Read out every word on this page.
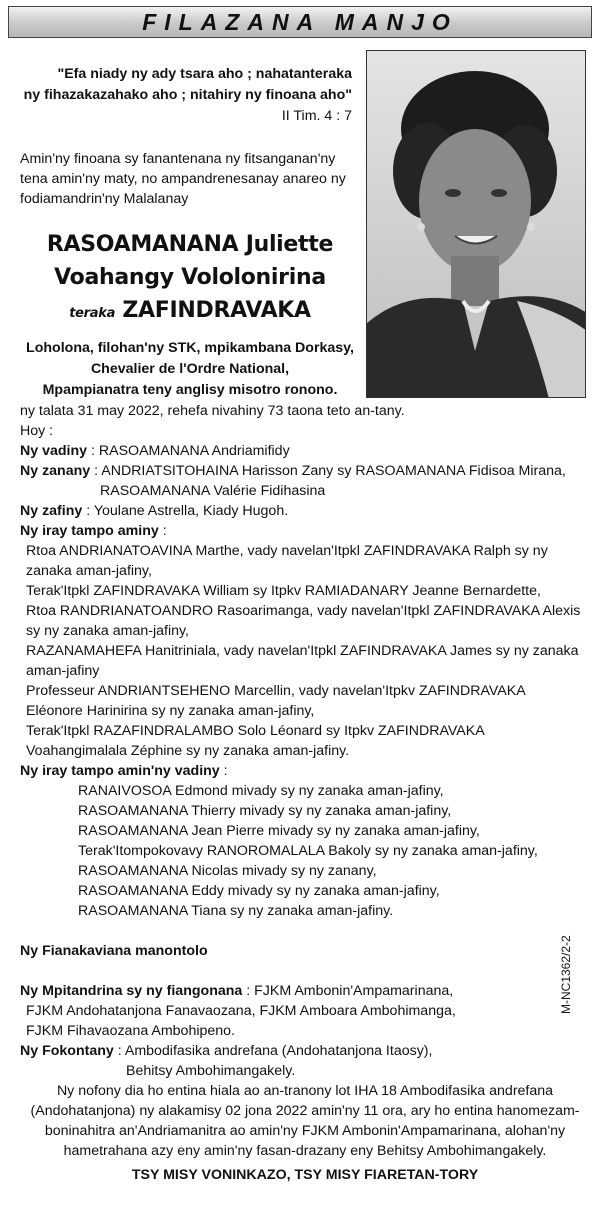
FILAZANA MANJO
"Efa niady ny ady tsara aho ; nahatanteraka
ny fihazakazahako aho ; nitahiry ny finoana aho"
II Tim. 4 : 7
Amin'ny finoana sy fanantenana ny fitsanganan'ny
tena amin'ny maty, no ampandrenesanay anareo ny
fodiamandrin'ny Malalanay
RASOAMANANA Juliette
Voahangy Vololonirina
teraka ZAFINDRAVAKA
Loholona, filohan'ny STK, mpikambana Dorkasy,
Chevalier de l'Ordre National,
Mpampianatra teny anglisy misotro ronono.
ny talata 31 may 2022, rehefa nivahiny 73 taona teto an-tany.
Hoy :
Ny vadiny : RASOAMANANA Andriamifidy
Ny zanany : ANDRIATSITOHAINA Harisson Zany sy RASOAMANANA Fidisoa Mirana,
RASOAMANANA Valérie Fidihasina
Ny zafiny : Youlane Astrella, Kiady Hugoh.
Ny iray tampo aminy :
Rtoa ANDRIANATOAVINA Marthe, vady navelan'Itpkl ZAFINDRAVAKA Ralph sy ny
zanaka aman-jafiny,
Terak'Itpkl ZAFINDRAVAKA William sy Itpkv RAMIADANARY Jeanne Bernardette,
Rtoa RANDRIANATOANDRO Rasoarimanga, vady navelan'Itpkl ZAFINDRAVAKA Alexis
sy ny zanaka aman-jafiny,
RAZANAMAHEFA Hanitriniala, vady navelan'Itpkl ZAFINDRAVAKA James sy ny zanaka
aman-jafiny
Professeur ANDRIANTSEHENO Marcellin, vady navelan'Itpkv ZAFINDRAVAKA
Eléonore Harinirina sy ny zanaka aman-jafiny,
Terak'Itpkl RAZAFINDRALAMBO Solo Léonard sy Itpkv ZAFINDRAVAKA
Voahangimalala Zéphine sy ny zanaka aman-jafiny.
Ny iray tampo amin'ny vadiny :
RANAIVOSOA Edmond mivady sy ny zanaka aman-jafiny,
RASOAMANANA Thierry mivady sy ny zanaka aman-jafiny,
RASOAMANANA Jean Pierre mivady sy ny zanaka aman-jafiny,
Terak'Itompokovavy RANOROMALALA Bakoly sy ny zanaka aman-jafiny,
RASOAMANANA Nicolas mivady sy ny zanany,
RASOAMANANA Eddy mivady sy ny zanaka aman-jafiny,
RASOAMANANA Tiana sy ny zanaka aman-jafiny.
Ny Fianakaviana manontolo
Ny Mpitandrina sy ny fiangonana : FJKM Ambonin'Ampamarinana,
FJKM Andohatanjona Fanavaozana, FJKM Amboara Ambohimanga,
FJKM Fihavaozana Ambohipeno.
Ny Fokontany : Ambodifasika andrefana (Andohatanjona Itaosy),
Behitsy Ambohimangakely.
Ny nofony dia ho entina hiala ao an-tranony lot IHA 18 Ambodifasika andrefana
(Andohatanjona) ny alakamisy 02 jona 2022 amin'ny 11 ora, ary ho entina hanomezam-
boninahitra an'Andriamanitra ao amin'ny FJKM Ambonin'Ampamarinana, alohan'ny
hametrahana azy eny amin'ny fasan-drazany eny Behitsy Ambohimangakely.
TSY MISY VONINKAZO, TSY MISY FIARETAN-TORY
M-NC1362/2-2
